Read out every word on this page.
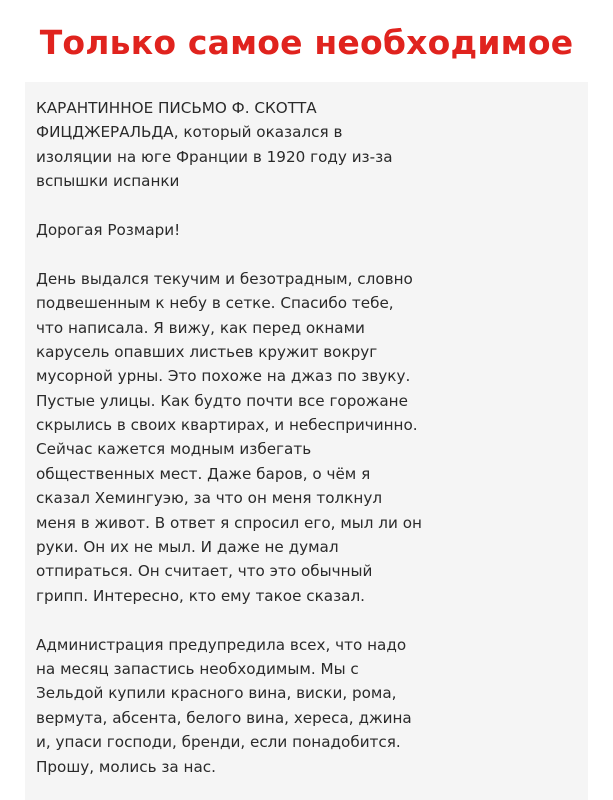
Только самое необходимое
КАРАНТИННОЕ ПИСЬМО Ф. СКОТТА
ФИЦДЖЕРАЛЬДА, который оказался в
изоляции на юге Франции в 1920 году из-за
вспышки испанки
Дорогая Розмари!
День выдался текучим и безотрадным, словно
подвешенным к небу в сетке. Спасибо тебе,
что написала. Я вижу, как перед окнами
карусель опавших листьев кружит вокруг
мусорной урны. Это похоже на джаз по звуку.
Пустые улицы. Как будто почти все горожане
скрылись в своих квартирах, и небеспричинно.
Сейчас кажется модным избегать
общественных мест. Даже баров, о чём я
сказал Хемингуэю, за что он меня толкнул
меня в живот. В ответ я спросил его, мыл ли он
руки. Он их не мыл. И даже не думал
отпираться. Он считает, что это обычный
грипп. Интересно, кто ему такое сказал.
Администрация предупредила всех, что надо
на месяц запастись необходимым. Мы с
Зельдой купили красного вина, виски, рома,
вермута, абсента, белого вина, хереса, джина
и, упаси господи, бренди, если понадобится.
Прошу, молись за нас.
